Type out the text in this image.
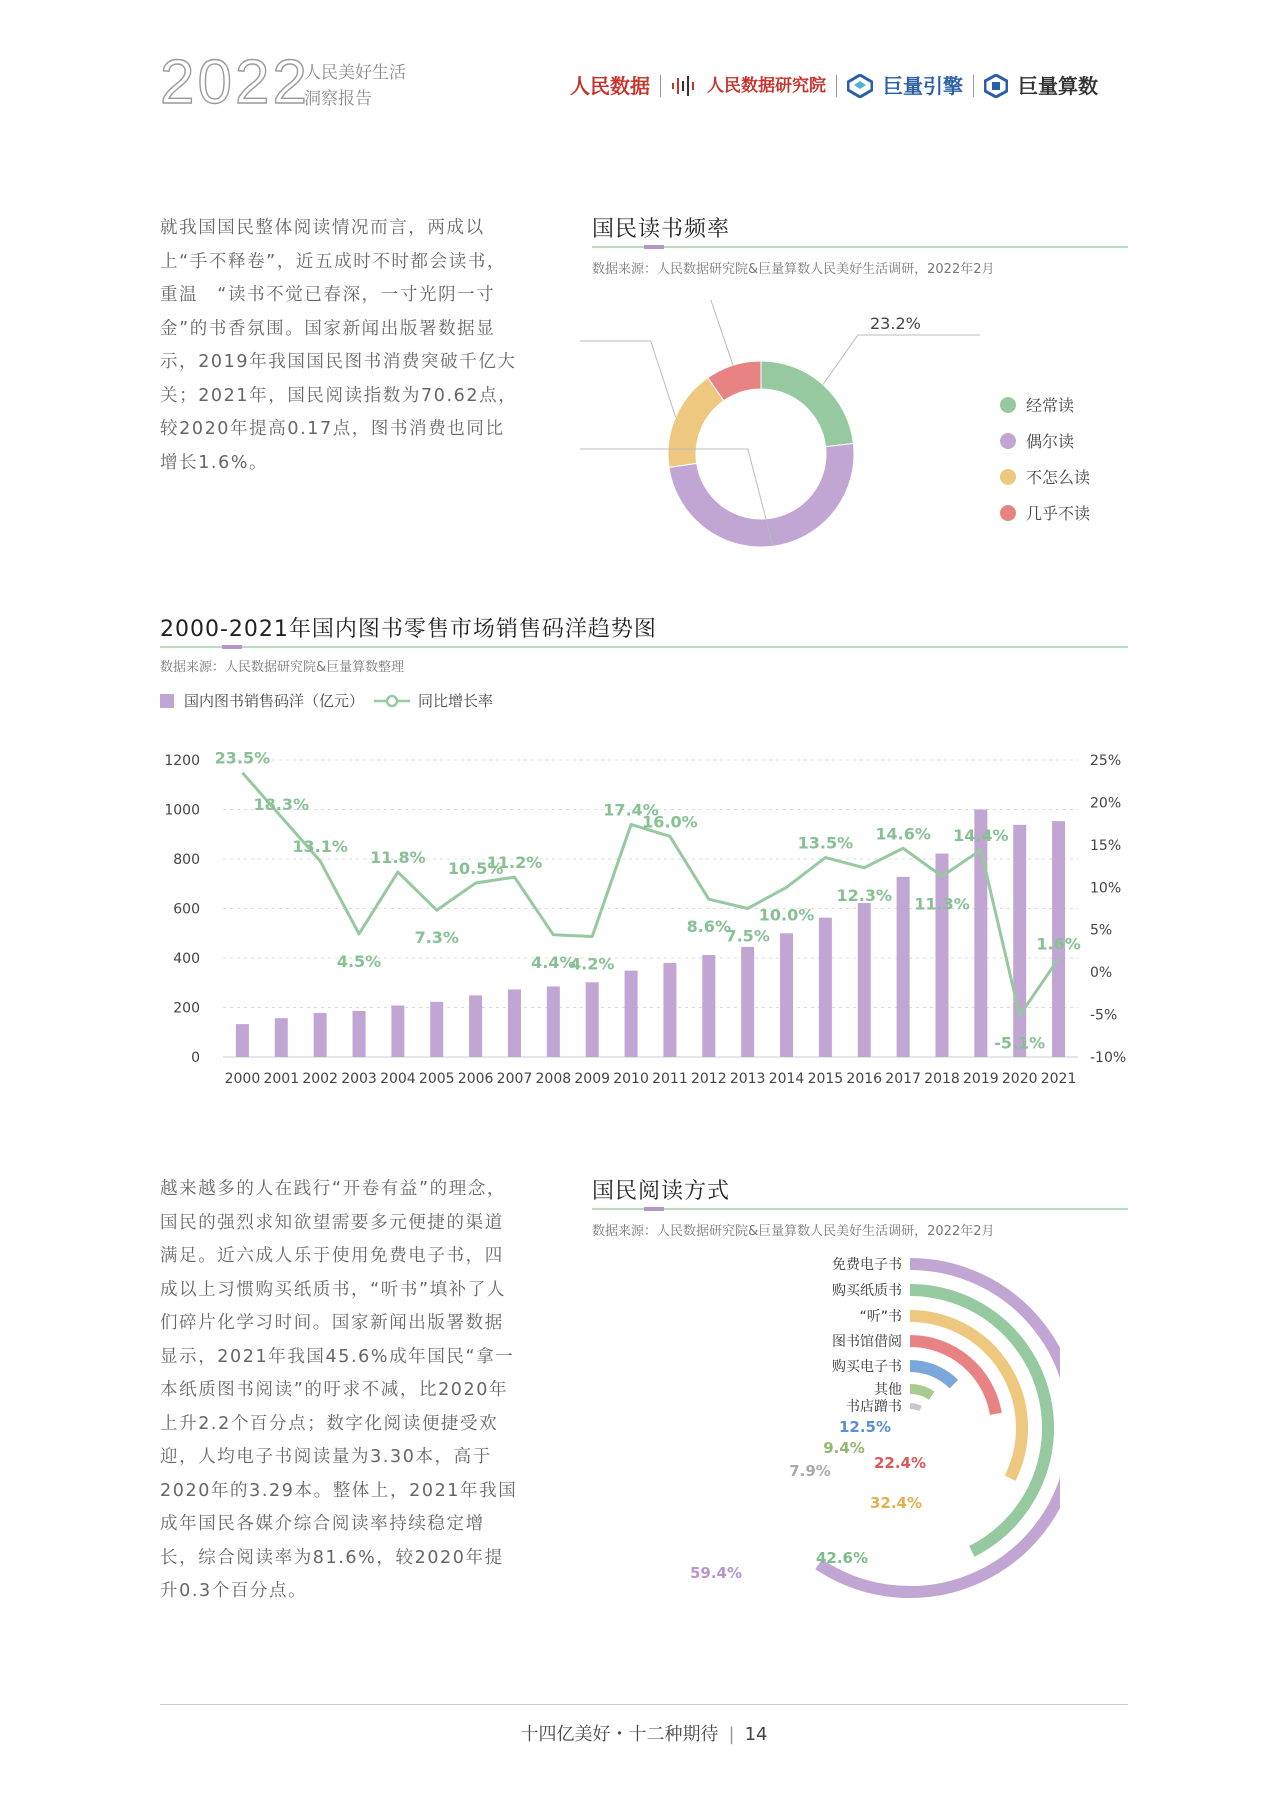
2022
人民美好生活
洞察报告
人民数据	人民数据研究院	巨量引擎	巨量算数
就我国国民整体阅读情况而言，两成以上“手不释卷”，近五成时不时都会读书，重温　“读书不觉已春深，一寸光阴一寸金”的书香氛围。国家新闻出版署数据显示，2019年我国国民图书消费突破千亿大关；2021年，国民阅读指数为70.62点，较2020年提高0.17点，图书消费也同比增长1.6%。
国民读书频率
数据来源：人民数据研究院&巨量算数人民美好生活调研，2022年2月
23.2%
经常读
偶尔读
不怎么读
几乎不读
2000-2021年国内图书零售市场销售码洋趋势图
数据来源：人民数据研究院&巨量算数整理
国内图书销售码洋（亿元）	同比增长率
0
200
400
600
800
1000
1200
-10%
-5%
0%
5%
10%
15%
20%
25%
2000 2001 2002 2003 2004 2005 2006 2007 2008 2009 2010 2011 2012 2013 2014 2015 2016 2017 2018 2019 2020 2021
23.5%
18.3%
13.1%
4.5%
11.8%
7.3%
10.5%
11.2%
4.4%
4.2%
17.4%
16.0%
8.6%
7.5%
10.0%
13.5%
12.3%
14.6%
11.3%
14.4%
-5.1%
1.6%
越来越多的人在践行“开卷有益”的理念，国民的强烈求知欲望需要多元便捷的渠道满足。近六成人乐于使用免费电子书，四成以上习惯购买纸质书，“听书”填补了人们碎片化学习时间。国家新闻出版署数据显示，2021年我国45.6%成年国民“拿一本纸质图书阅读”的吁求不减，比2020年上升2.2个百分点；数字化阅读便捷受欢迎，人均电子书阅读量为3.30本，高于2020年的3.29本。整体上，2021年我国成年国民各媒介综合阅读率持续稳定增长，综合阅读率为81.6%，较2020年提升0.3个百分点。
国民阅读方式
数据来源：人民数据研究院&巨量算数人民美好生活调研，2022年2月
免费电子书
59.4%
购买纸质书
42.6%
“听”书
32.4%
图书馆借阅
22.4%
购买电子书
12.5%
其他
9.4%
书店蹭书
7.9%
十四亿美好・十二种期待 | 14
